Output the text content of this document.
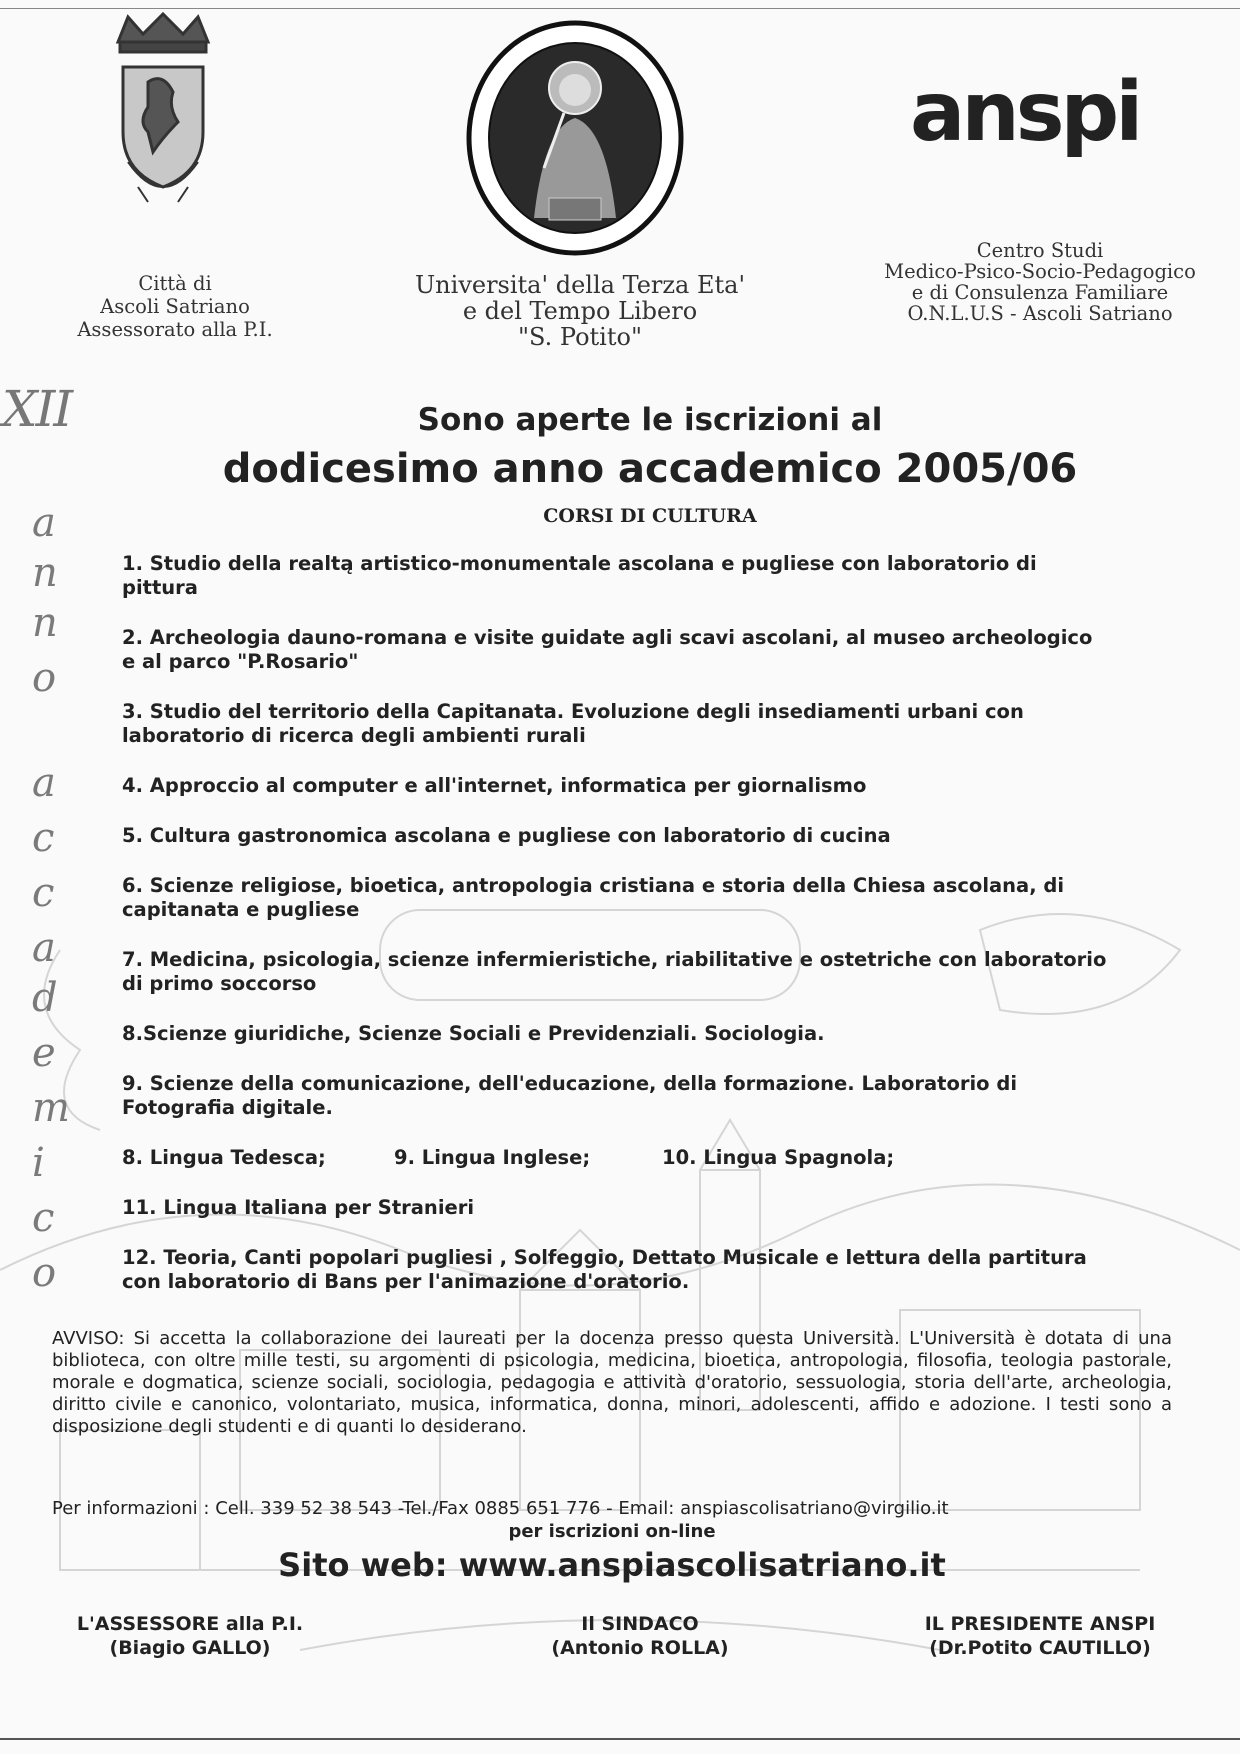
Città di
Ascoli Satriano
Assessorato alla P.I.
Universita' della Terza Eta'
e del Tempo Libero
"S. Potito"
anspi
Centro Studi
Medico-Psico-Socio-Pedagogico
e di Consulenza Familiare
O.N.L.U.S - Ascoli Satriano
XII
a
n
n
o
a
c
c
a
d
e
m
i
c
o
Sono aperte le iscrizioni al
dodicesimo anno accademico 2005/06
CORSI DI CULTURA
1. Studio della realtą artistico-monumentale ascolana e pugliese con laboratorio di
pittura
2. Archeologia dauno-romana e visite guidate agli scavi ascolani, al museo archeologico
e al parco "P.Rosario"
3. Studio del territorio della Capitanata. Evoluzione degli insediamenti urbani con
laboratorio di ricerca degli ambienti rurali
4. Approccio al computer e all'internet, informatica per giornalismo
5. Cultura gastronomica ascolana e pugliese con laboratorio di cucina
6. Scienze religiose, bioetica, antropologia cristiana e storia della Chiesa ascolana, di
capitanata e pugliese
7. Medicina, psicologia, scienze infermieristiche, riabilitative e ostetriche con laboratorio
di primo soccorso
8.Scienze giuridiche, Scienze Sociali e Previdenziali. Sociologia.
9. Scienze della comunicazione, dell'educazione, della formazione. Laboratorio di
Fotografia digitale.
8. Lingua Tedesca;	9. Lingua Inglese;	10. Lingua Spagnola;
11. Lingua Italiana per Stranieri
12. Teoria, Canti popolari pugliesi , Solfeggio, Dettato Musicale e lettura della partitura
con laboratorio di Bans per l'animazione d'oratorio.
AVVISO: Si accetta la collaborazione dei laureati per la docenza presso questa Università. L'Università è dotata di una biblioteca, con oltre mille testi, su argomenti di psicologia, medicina, bioetica, antropologia, filosofia, teologia pastorale, morale e dogmatica, scienze sociali, sociologia, pedagogia e attività d'oratorio, sessuologia, storia dell'arte, archeologia, diritto civile e canonico, volontariato, musica, informatica, donna, minori, adolescenti, affido e adozione. I testi sono a disposizione degli studenti e di quanti lo desiderano.
Per informazioni : Cell. 339 52 38 543 -Tel./Fax 0885 651 776 - Email: anspiascolisatriano@virgilio.it
per iscrizioni on-line
Sito web: www.anspiascolisatriano.it
L'ASSESSORE alla P.I.
(Biagio GALLO)
Il SINDACO
(Antonio ROLLA)
IL PRESIDENTE ANSPI
(Dr.Potito CAUTILLO)
